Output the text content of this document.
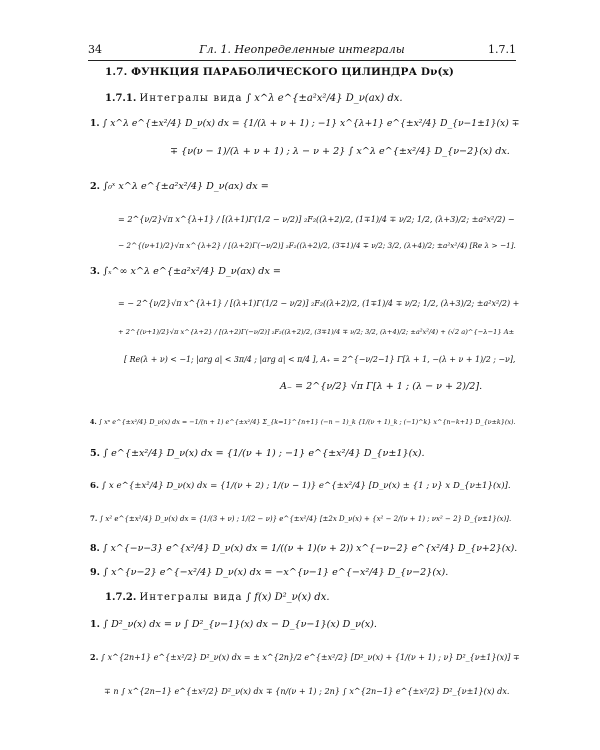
34	Гл. 1. Неопределенные интегралы	1.7.1
1.7. ФУНКЦИЯ ПАРАБОЛИЧЕСКОГО ЦИЛИНДРА Dν(x)
1.7.1. Интегралы вида ∫ x^λ e^{±a²x²/4} D_ν(ax) dx.
1. ∫ x^λ e^{±x²/4} D_ν(x) dx = {1/(λ + ν + 1) ; −1} x^{λ+1} e^{±x²/4} D_{ν−1±1}(x) ∓
∓ {ν(ν − 1)/(λ + ν + 1) ; λ − ν + 2} ∫ x^λ e^{±x²/4} D_{ν−2}(x) dx.
2. ∫₀ˣ x^λ e^{±a²x²/4} D_ν(ax) dx =
= 2^{ν/2}√π x^{λ+1} / [(λ+1)Γ(1/2 − ν/2)] ₂F₂((λ+2)/2, (1∓1)/4 ∓ ν/2; 1/2, (λ+3)/2; ±a²x²/2) −
− 2^{(ν+1)/2}√π x^{λ+2} / [(λ+2)Γ(−ν/2)] ₂F₂((λ+2)/2, (3∓1)/4 ∓ ν/2; 3/2, (λ+4)/2; ±a²x²/4) [Re λ > −1].
3. ∫ₓ^∞ x^λ e^{±a²x²/4} D_ν(ax) dx =
= − 2^{ν/2}√π x^{λ+1} / [(λ+1)Γ(1/2 − ν/2)] ₂F₂((λ+2)/2, (1∓1)/4 ∓ ν/2; 1/2, (λ+3)/2; ±a²x²/2) +
+ 2^{(ν+1)/2}√π x^{λ+2} / [(λ+2)Γ(−ν/2)] ₂F₂((λ+2)/2, (3∓1)/4 ∓ ν/2; 3/2, (λ+4)/2; ±a²x²/4) + (√2 a)^{−λ−1} A±
[ Re(λ + ν) < −1; |arg a| < 3π/4 ; |arg a| < π/4 ], A₊ = 2^{−ν/2−1} Γ[λ + 1, −(λ + ν + 1)/2 ; −ν],
A₋ = 2^{ν/2} √π Γ[λ + 1 ; (λ − ν + 2)/2].
4. ∫ xⁿ e^{±x²/4} D_ν(x) dx = −1/(n + 1) e^{±x²/4} Σ_{k=1}^{n+1} (−n − 1)_k {1/(ν + 1)_k ; (−1)^k} x^{n−k+1} D_{ν±k}(x).
5. ∫ e^{±x²/4} D_ν(x) dx = {1/(ν + 1) ; −1} e^{±x²/4} D_{ν±1}(x).
6. ∫ x e^{±x²/4} D_ν(x) dx = {1/(ν + 2) ; 1/(ν − 1)} e^{±x²/4} [D_ν(x) ± {1 ; ν} x D_{ν±1}(x)].
7. ∫ x² e^{±x²/4} D_ν(x) dx = {1/(3 + ν) ; 1/(2 − ν)} e^{±x²/4} [±2x D_ν(x) + {x² − 2/(ν + 1) ; νx² − 2} D_{ν±1}(x)].
8. ∫ x^{−ν−3} e^{x²/4} D_ν(x) dx = 1/((ν + 1)(ν + 2)) x^{−ν−2} e^{x²/4} D_{ν+2}(x).
9. ∫ x^{ν−2} e^{−x²/4} D_ν(x) dx = −x^{ν−1} e^{−x²/4} D_{ν−2}(x).
1.7.2. Интегралы вида ∫ f(x) D²_ν(x) dx.
1. ∫ D²_ν(x) dx = ν ∫ D²_{ν−1}(x) dx − D_{ν−1}(x) D_ν(x).
2. ∫ x^{2n+1} e^{±x²/2} D²_ν(x) dx = ± x^{2n}/2 e^{±x²/2} [D²_ν(x) + {1/(ν + 1) ; ν} D²_{ν±1}(x)] ∓
∓ n ∫ x^{2n−1} e^{±x²/2} D²_ν(x) dx ∓ {n/(ν + 1) ; 2n} ∫ x^{2n−1} e^{±x²/2} D²_{ν±1}(x) dx.
